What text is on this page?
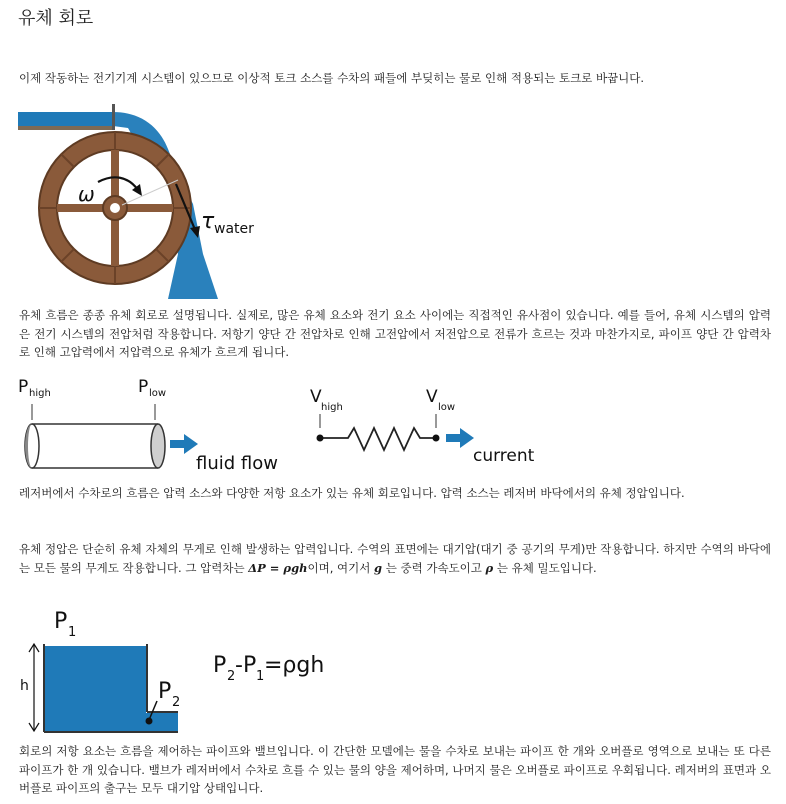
유체 회로

이제 작동하는 전기기계 시스템이 있으므로 이상적 토크 소스를 수차의 패들에 부딪히는 물로 인해 적용되는 토크로 바꿉니다.

ω
τ water

유체 흐름은 종종 유체 회로로 설명됩니다. 실제로, 많은 유체 요소와 전기 요소 사이에는 직접적인 유사점이 있습니다. 예를 들어, 유체 시스템의 압력은 전기 시스템의 전압처럼 작용합니다. 저항기 양단 간 전압차로 인해 고전압에서 저전압으로 전류가 흐르는 것과 마찬가지로, 파이프 양단 간 압력차로 인해 고압력에서 저압력으로 유체가 흐르게 됩니다.

P high	P low
fluid flow
V
high
V
low
current

레저버에서 수차로의 흐름은 압력 소스와 다양한 저항 요소가 있는 유체 회로입니다. 압력 소스는 레저버 바닥에서의 유체 정압입니다.

유체 정압은 단순히 유체 자체의 무게로 인해 발생하는 압력입니다. 수역의 표면에는 대기압(대기 중 공기의 무게)만 작용합니다. 하지만 수역의 바닥에는 모든 물의 무게도 작용합니다. 그 압력차는 ΔP = ρgh이며, 여기서 g 는 중력 가속도이고 ρ 는 유체 밀도입니다.

P 1
h	P 2
P 2 -P 1 =ρgh

회로의 저항 요소는 흐름을 제어하는 파이프와 밸브입니다. 이 간단한 모델에는 물을 수차로 보내는 파이프 한 개와 오버플로 영역으로 보내는 또 다른 파이프가 한 개 있습니다. 밸브가 레저버에서 수차로 흐를 수 있는 물의 양을 제어하며, 나머지 물은 오버플로 파이프로 우회됩니다. 레저버의 표면과 오버플로 파이프의 출구는 모두 대기압 상태입니다.
